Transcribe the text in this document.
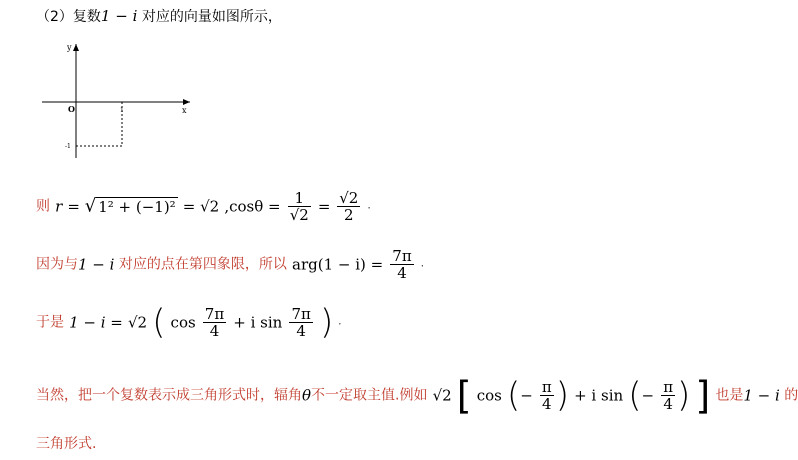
（2）复数1 − i 对应的向量如图所示，
y
x
O	1
-1
则 r = √ 1² + (−1)² = √2 $,\cos\theta = \frac{1}{√2} = \frac{√2}{2}$ .
因为与1 − i 对应的点在第四象限，所以 $arg(1 - i) = \frac{7\pi}{4}$ .
于是 1 − i = √2 ( $\cos \frac{7\pi}{4} + i$ $\sin \frac{7\pi}{4}$ ) .
当然，把一个复数表示成三角形式时，辐角θ不一定取主值.例如 √2 [ cos (− $\frac{\pi}{4}$ ) + i sin (− $\frac{\pi}{4}$ ) ] 也是1 − i 的
三角形式.
